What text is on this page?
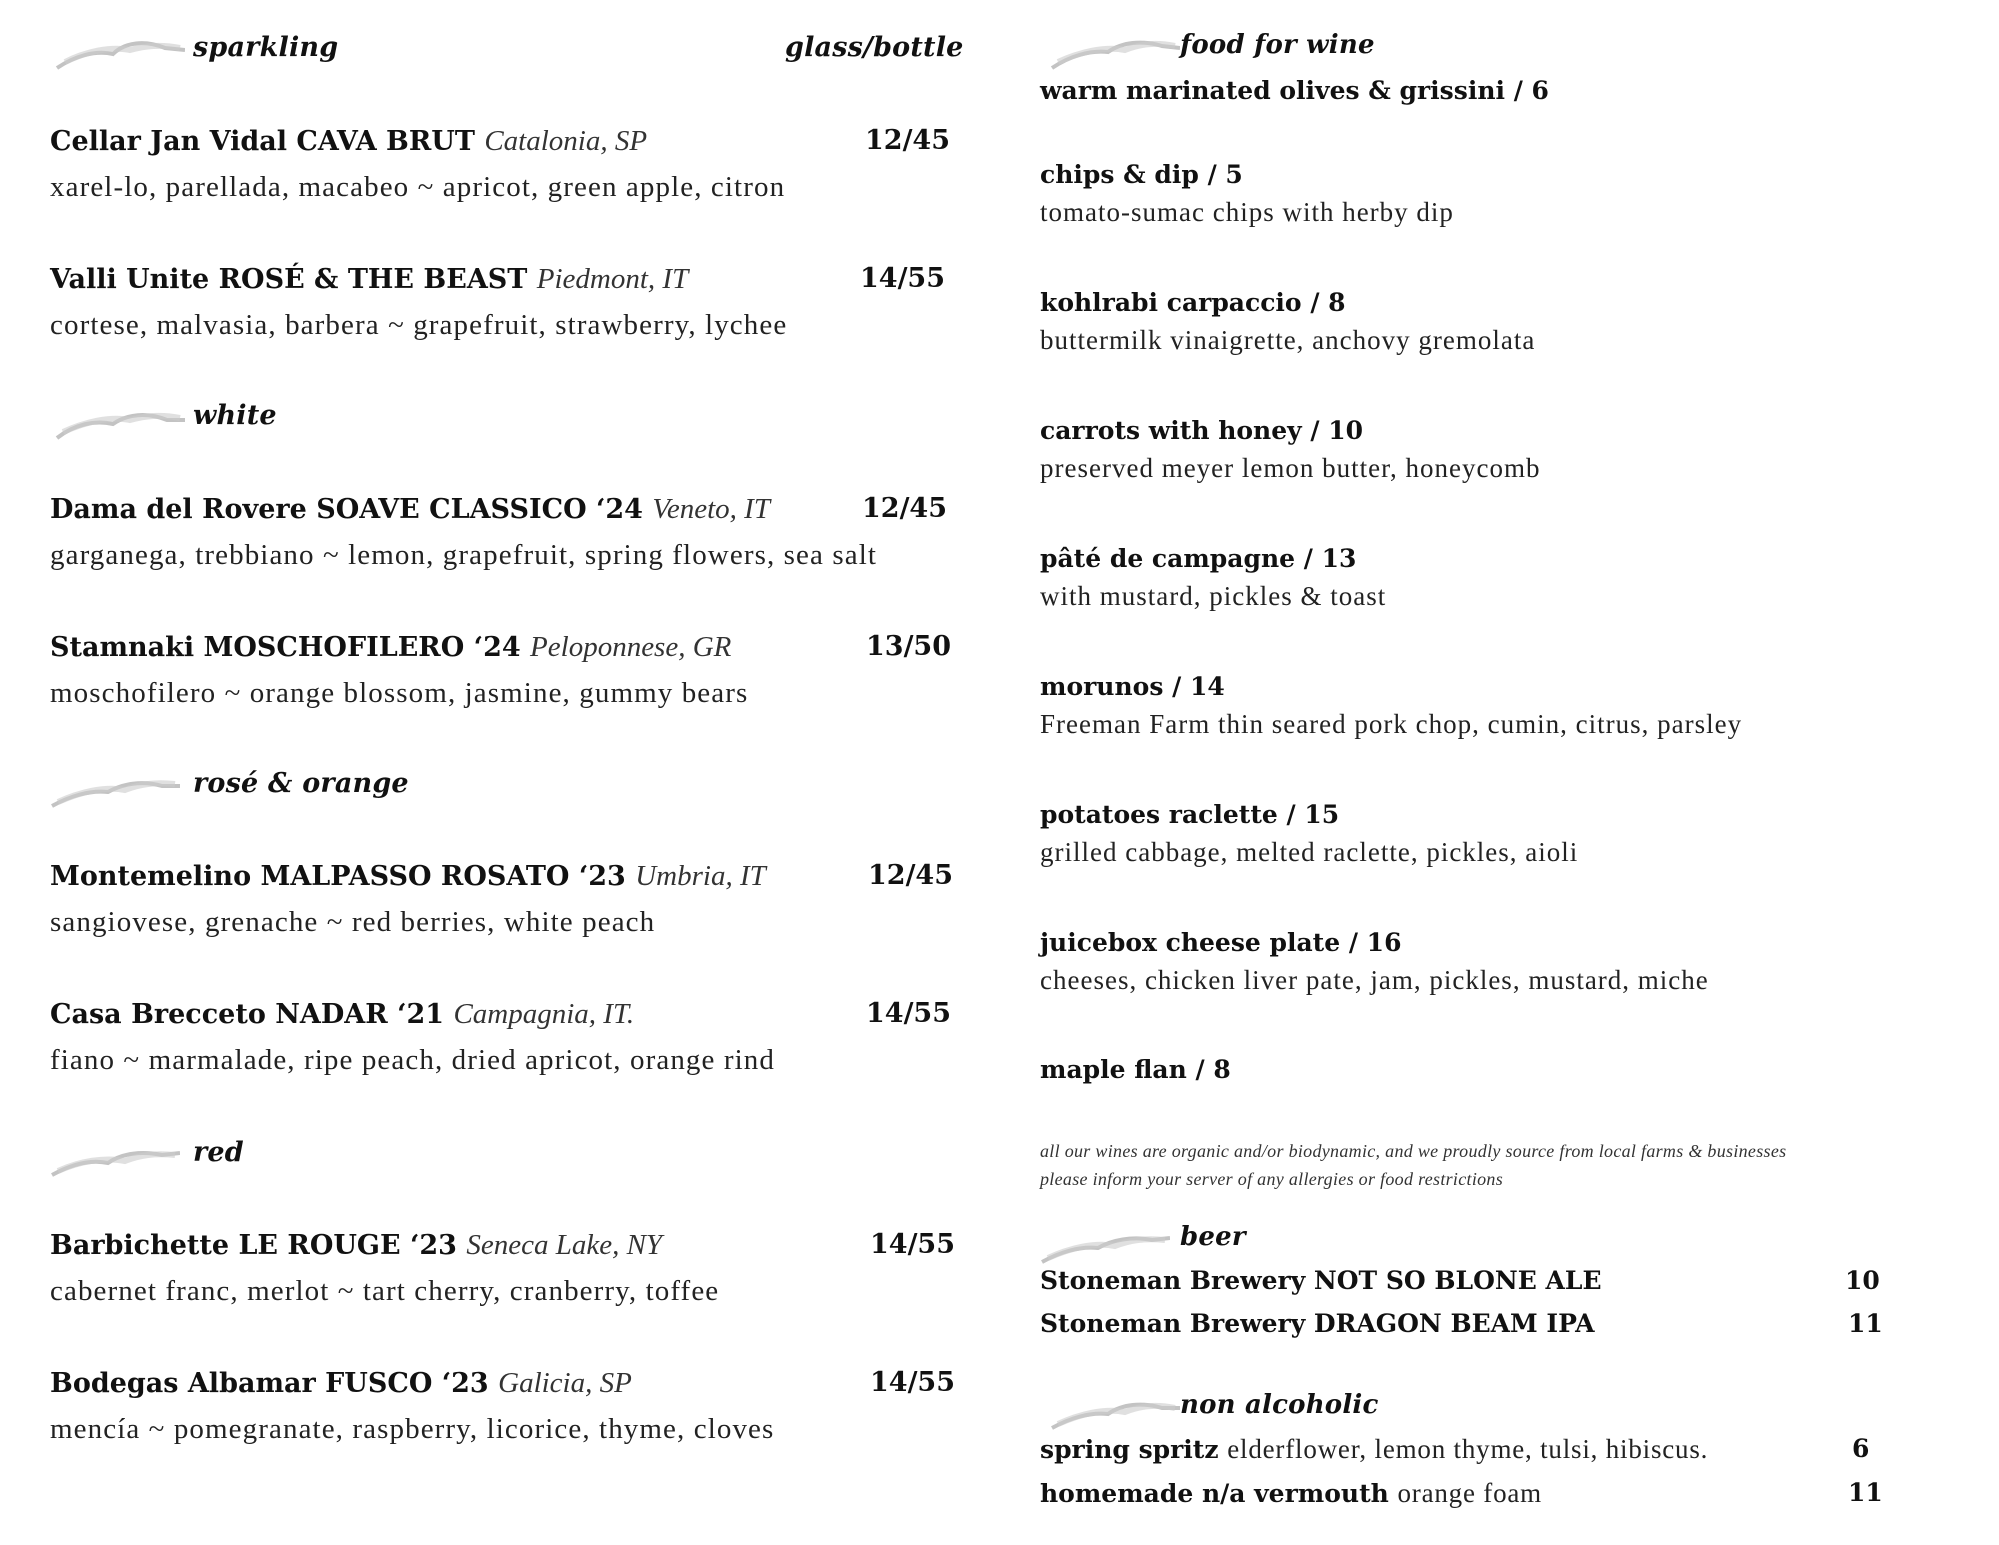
sparkling	glass/bottle
Cellar Jan Vidal CAVA BRUT Catalonia, SP	12/45
xarel-lo, parellada, macabeo ~ apricot, green apple, citron
Valli Unite ROSÉ & THE BEAST Piedmont, IT	14/55
cortese, malvasia, barbera ~ grapefruit, strawberry, lychee
white
Dama del Rovere SOAVE CLASSICO ‘24 Veneto, IT	12/45
garganega, trebbiano ~ lemon, grapefruit, spring flowers, sea salt
Stamnaki MOSCHOFILERO ‘24 Peloponnese, GR	13/50
moschofilero ~ orange blossom, jasmine, gummy bears
rosé & orange
Montemelino MALPASSO ROSATO ‘23 Umbria, IT	12/45
sangiovese, grenache ~ red berries, white peach
Casa Brecceto NADAR ‘21 Campagnia, IT.	14/55
fiano ~ marmalade, ripe peach, dried apricot, orange rind
red
Barbichette LE ROUGE ‘23 Seneca Lake, NY	14/55
cabernet franc, merlot ~ tart cherry, cranberry, toffee
Bodegas Albamar FUSCO ‘23 Galicia, SP	14/55
mencía ~ pomegranate, raspberry, licorice, thyme, cloves
food for wine
warm marinated olives & grissini / 6
chips & dip / 5
tomato-sumac chips with herby dip
kohlrabi carpaccio / 8
buttermilk vinaigrette, anchovy gremolata
carrots with honey / 10
preserved meyer lemon butter, honeycomb
pâté de campagne / 13
with mustard, pickles & toast
morunos / 14
Freeman Farm thin seared pork chop, cumin, citrus, parsley
potatoes raclette / 15
grilled cabbage, melted raclette, pickles, aioli
juicebox cheese plate / 16
cheeses, chicken liver pate, jam, pickles, mustard, miche
maple flan / 8
all our wines are organic and/or biodynamic, and we proudly source from local farms & businesses
please inform your server of any allergies or food restrictions
beer
Stoneman Brewery NOT SO BLONE ALE	10
Stoneman Brewery DRAGON BEAM IPA	11
non alcoholic
spring spritz elderflower, lemon thyme, tulsi, hibiscus.	6
homemade n/a vermouth orange foam	11
